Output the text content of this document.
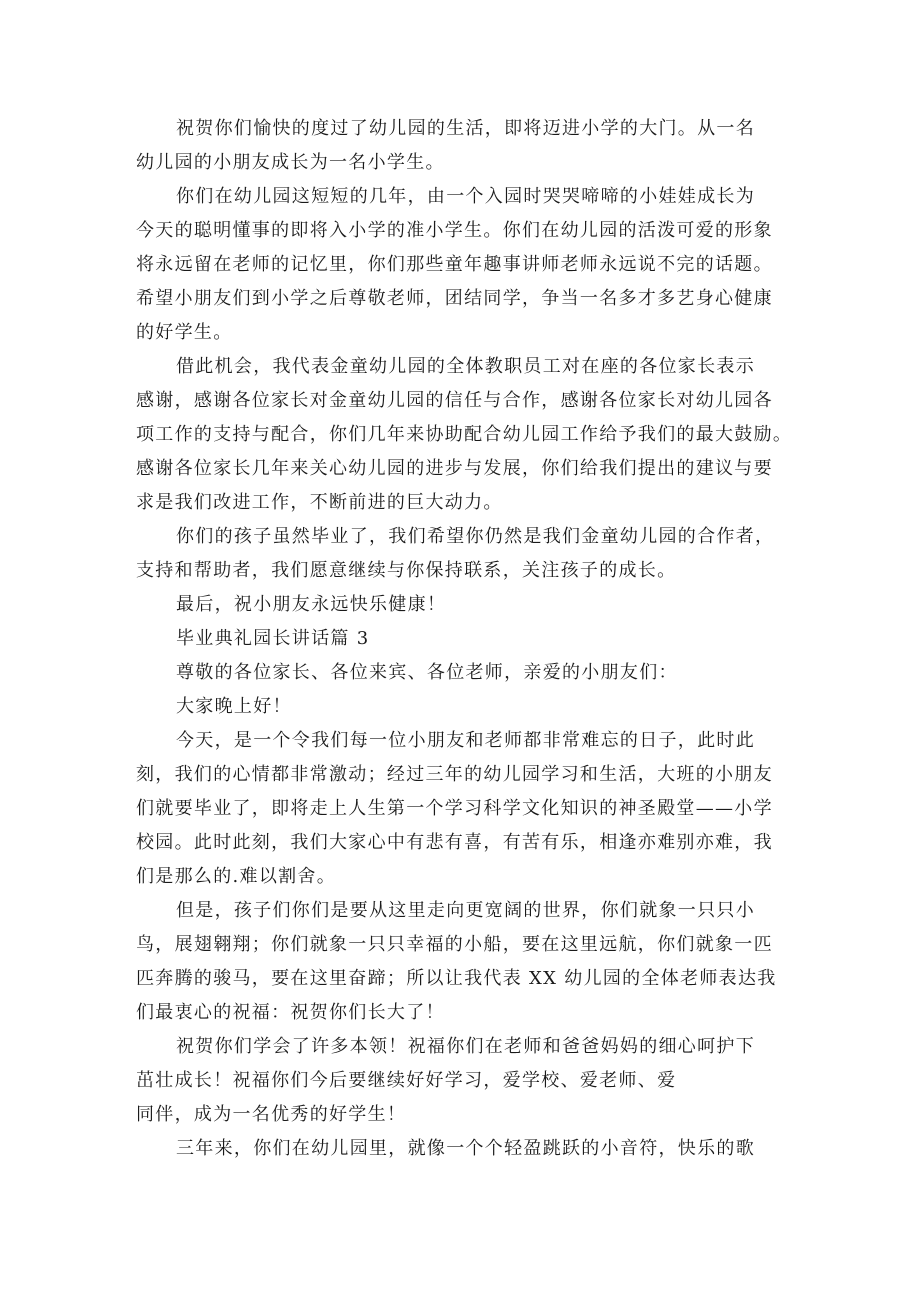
祝贺你们愉快的度过了幼儿园的生活，即将迈进小学的大门。从一名

幼儿园的小朋友成长为一名小学生。

你们在幼儿园这短短的几年，由一个入园时哭哭啼啼的小娃娃成长为

今天的聪明懂事的即将入小学的准小学生。你们在幼儿园的活泼可爱的形象

将永远留在老师的记忆里，你们那些童年趣事讲师老师永远说不完的话题。

希望小朋友们到小学之后尊敬老师，团结同学，争当一名多才多艺身心健康

的好学生。

借此机会，我代表金童幼儿园的全体教职员工对在座的各位家长表示

感谢，感谢各位家长对金童幼儿园的信任与合作，感谢各位家长对幼儿园各

项工作的支持与配合，你们几年来协助配合幼儿园工作给予我们的最大鼓励。

感谢各位家长几年来关心幼儿园的进步与发展，你们给我们提出的建议与要

求是我们改进工作，不断前进的巨大动力。

你们的孩子虽然毕业了，我们希望你仍然是我们金童幼儿园的合作者，

支持和帮助者，我们愿意继续与你保持联系，关注孩子的成长。

最后，祝小朋友永远快乐健康！

毕业典礼园长讲话篇 3

尊敬的各位家长、各位来宾、各位老师，亲爱的小朋友们：

大家晚上好！

今天，是一个令我们每一位小朋友和老师都非常难忘的日子，此时此

刻，我们的心情都非常激动；经过三年的幼儿园学习和生活，大班的小朋友

们就要毕业了，即将走上人生第一个学习科学文化知识的神圣殿堂——小学

校园。此时此刻，我们大家心中有悲有喜，有苦有乐，相逢亦难别亦难，我

们是那么的.难以割舍。

但是，孩子们你们是要从这里走向更宽阔的世界，你们就象一只只小

鸟，展翅翱翔；你们就象一只只幸福的小船，要在这里远航，你们就象一匹

匹奔腾的骏马，要在这里奋蹄；所以让我代表 XX 幼儿园的全体老师表达我

们最衷心的祝福：祝贺你们长大了！

祝贺你们学会了许多本领！祝福你们在老师和爸爸妈妈的细心呵护下

茁壮成长！祝福你们今后要继续好好学习，爱学校、爱老师、爱

同伴，成为一名优秀的好学生！

三年来，你们在幼儿园里，就像一个个轻盈跳跃的小音符，快乐的歌
